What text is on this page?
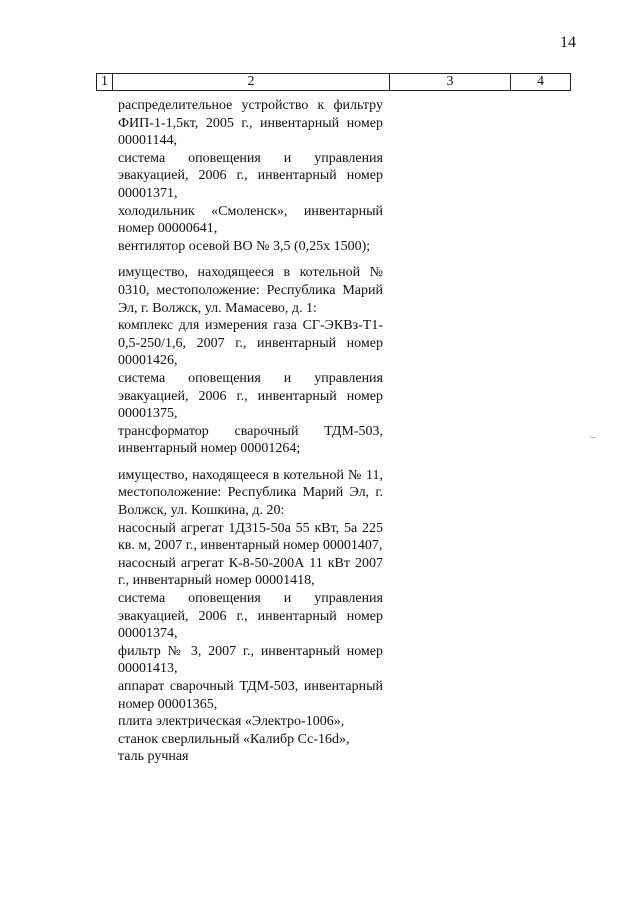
14
1	2	3	4

распределительное устройство к фильтру ФИП-1-1,5кт, 2005 г., инвентарный номер 00001144,

система оповещения и управления эвакуацией, 2006 г., инвентарный номер 00001371,

холодильник «Смоленск», инвентарный номер 00000641,

вентилятор осевой ВО № 3,5 (0,25х 1500);

имущество, находящееся в котельной № 0310, местоположение: Республика Марий Эл, г. Волжск, ул. Мамасево, д. 1:

комплекс для измерения газа СГ-ЭКВз-Т1-0,5-250/1,6, 2007 г., инвентарный номер 00001426,

система оповещения и управления эвакуацией, 2006 г., инвентарный номер 00001375,

трансформатор сварочный ТДМ-503, инвентарный номер 00001264;

имущество, находящееся в котельной № 11, местоположение: Республика Марий Эл, г. Волжск, ул. Кошкина, д. 20:

насосный агрегат 1Д315-50а 55 кВт, 5а 225 кв. м, 2007 г., инвентарный номер 00001407,

насосный агрегат К-8-50-200А 11 кВт 2007 г., инвентарный номер 00001418,

система оповещения и управления эвакуацией, 2006 г., инвентарный номер 00001374,

фильтр № 3, 2007 г., инвентарный номер 00001413,

аппарат сварочный ТДМ-503, инвентарный номер 00001365,

плита электрическая «Электро-1006»,

станок сверлильный «Калибр Сс-16d»,

таль ручная
